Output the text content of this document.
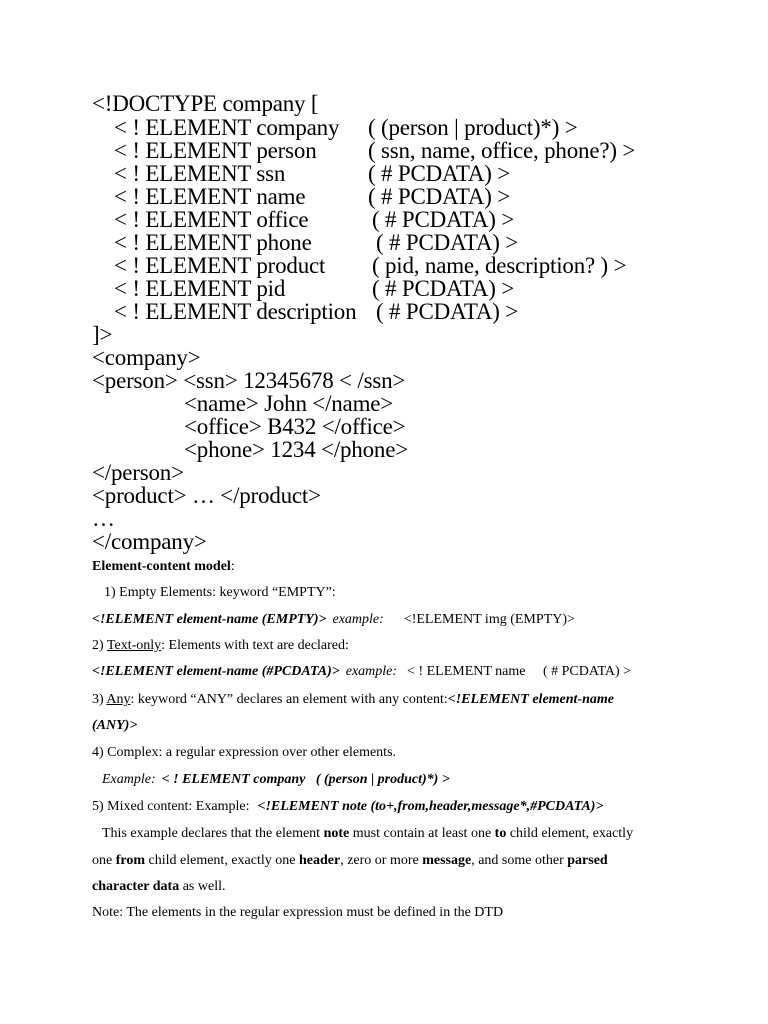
<!DOCTYPE company [
< ! ELEMENT company ( (person | product)*) >
< ! ELEMENT person ( ssn, name, office, phone?) >
< ! ELEMENT ssn	( # PCDATA) >
< ! ELEMENT name	( # PCDATA) >
< ! ELEMENT office	( # PCDATA) >
< ! ELEMENT phone	( # PCDATA) >
< ! ELEMENT product ( pid, name, description? ) >
< ! ELEMENT pid	( # PCDATA) >
< ! ELEMENT description ( # PCDATA) >
]>
<company>
<person> <ssn> 12345678 < /ssn>
<name> John </name>
<office> B432 </office>
<phone> 1234 </phone>
</person>
<product> … </product>
…
</company>
Element-content model:
1) Empty Elements: keyword “EMPTY”:
<!ELEMENT element-name (EMPTY)> example: <!ELEMENT img (EMPTY)>
2) Text-only: Elements with text are declared:
<!ELEMENT element-name (#PCDATA)> example: < ! ELEMENT name     ( # PCDATA) >
3) Any: keyword “ANY” declares an element with any content:<!ELEMENT element-name
(ANY)>
4) Complex: a regular expression over other elements.
Example: < ! ELEMENT company   ( (person | product)*) >
5) Mixed content: Example: <!ELEMENT note (to+,from,header,message*,#PCDATA)>
This example declares that the element note must contain at least one to child element, exactly
one from child element, exactly one header, zero or more message, and some other parsed
character data as well.
Note: The elements in the regular expression must be defined in the DTD
